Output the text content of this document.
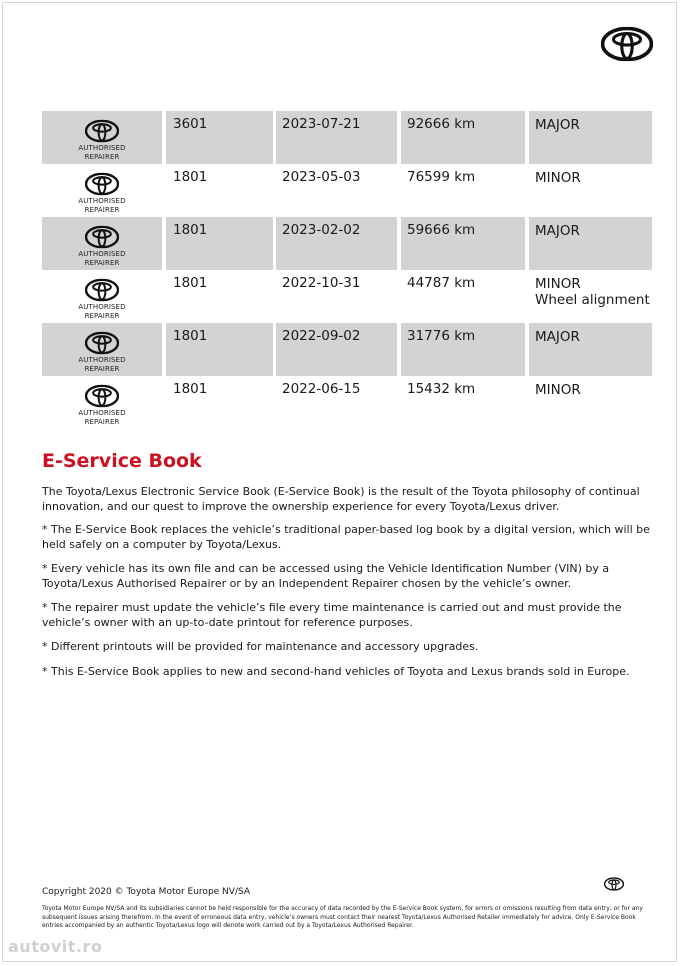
AUTHORISED
REPAIRER
3601	2023-07-21	92666 km	MAJOR
AUTHORISED
REPAIRER
1801	2023-05-03	76599 km	MINOR
AUTHORISED
REPAIRER
1801	2023-02-02	59666 km	MAJOR
AUTHORISED
REPAIRER
1801	2022-10-31	44787 km	MINOR
Wheel alignment
AUTHORISED
REPAIRER
1801	2022-09-02	31776 km	MAJOR
AUTHORISED
REPAIRER
1801	2022-06-15	15432 km	MINOR
E-Service Book

The Toyota/Lexus Electronic Service Book (E-Service Book) is the result of the Toyota philosophy of continual innovation, and our quest to improve the ownership experience for every Toyota/Lexus driver.

* The E-Service Book replaces the vehicle’s traditional paper-based log book by a digital version, which will be held safely on a computer by Toyota/Lexus.

* Every vehicle has its own file and can be accessed using the Vehicle Identification Number (VIN) by a Toyota/Lexus Authorised Repairer or by an Independent Repairer chosen by the vehicle’s owner.

* The repairer must update the vehicle’s file every time maintenance is carried out and must provide the vehicle’s owner with an up-to-date printout for reference purposes.

* Different printouts will be provided for maintenance and accessory upgrades.

* This E-Service Book applies to new and second-hand vehicles of Toyota and Lexus brands sold in Europe.

Copyright 2020 © Toyota Motor Europe NV/SA

Toyota Motor Europe NV/SA and its subsidiaries cannot be held responsible for the accuracy of data recorded by the E-Service Book system, for errors or omissions resulting from data entry, or for any subsequent issues arising therefrom. In the event of erroneous data entry, vehicle’s owners must contact their nearest Toyota/Lexus Authorised Retailer immediately for advice. Only E-Service Book entries accompanied by an authentic Toyota/Lexus logo will denote work carried out by a Toyota/Lexus Authorised Repairer.

autovit.ro
